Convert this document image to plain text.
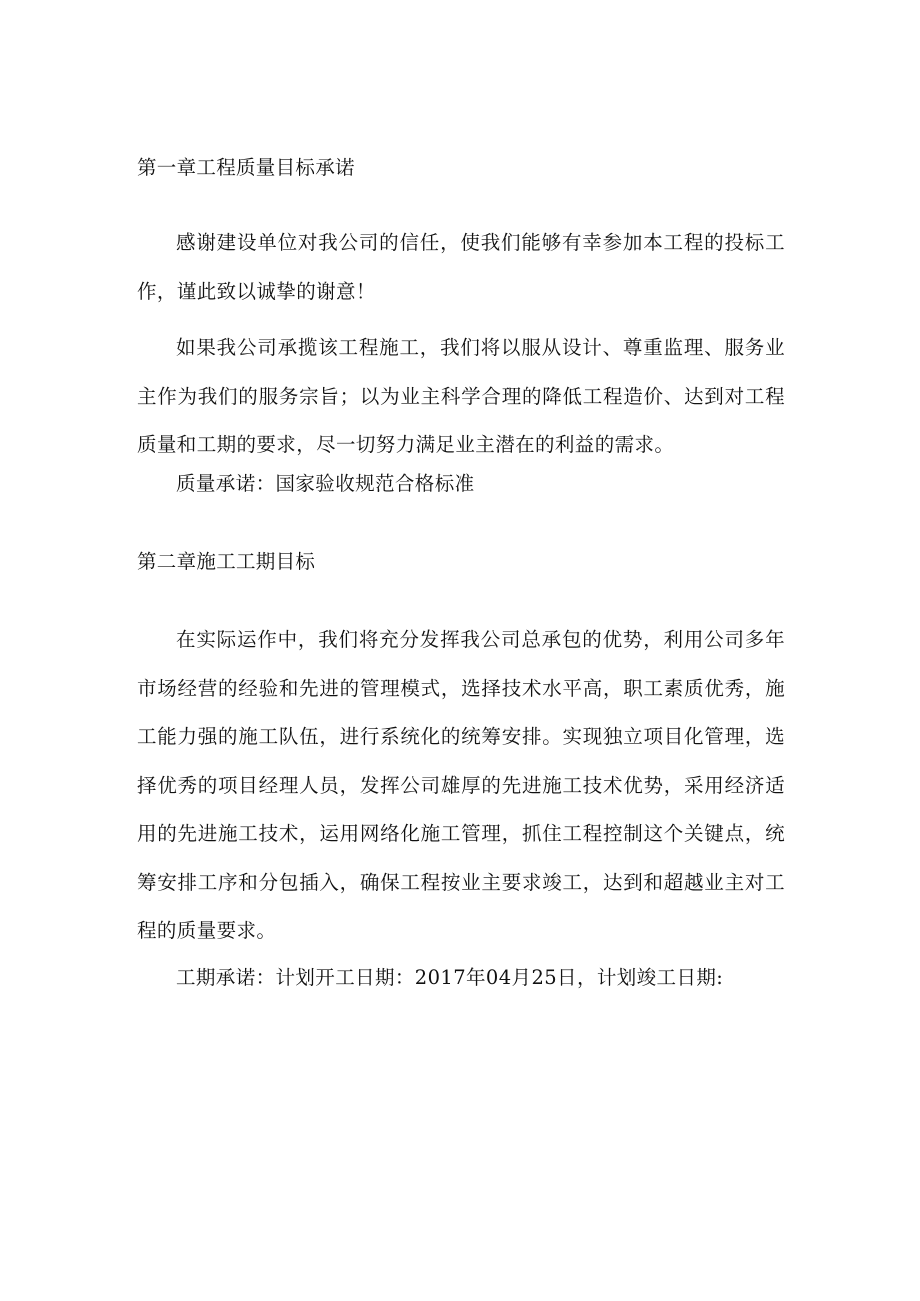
第一章工程质量目标承诺

感谢建设单位对我公司的信任，使我们能够有幸参加本工程的投标工作，谨此致以诚挚的谢意！

如果我公司承揽该工程施工，我们将以服从设计、尊重监理、服务业主作为我们的服务宗旨；以为业主科学合理的降低工程造价、达到对工程质量和工期的要求，尽一切努力满足业主潜在的利益的需求。

质量承诺：国家验收规范合格标准

第二章施工工期目标

在实际运作中，我们将充分发挥我公司总承包的优势，利用公司多年市场经营的经验和先进的管理模式，选择技术水平高，职工素质优秀，施工能力强的施工队伍，进行系统化的统筹安排。实现独立项目化管理，选择优秀的项目经理人员，发挥公司雄厚的先进施工技术优势，采用经济适用的先进施工技术，运用网络化施工管理，抓住工程控制这个关键点，统筹安排工序和分包插入，确保工程按业主要求竣工，达到和超越业主对工程的质量要求。

工期承诺：计划开工日期：2017年04月25日，计划竣工日期:
